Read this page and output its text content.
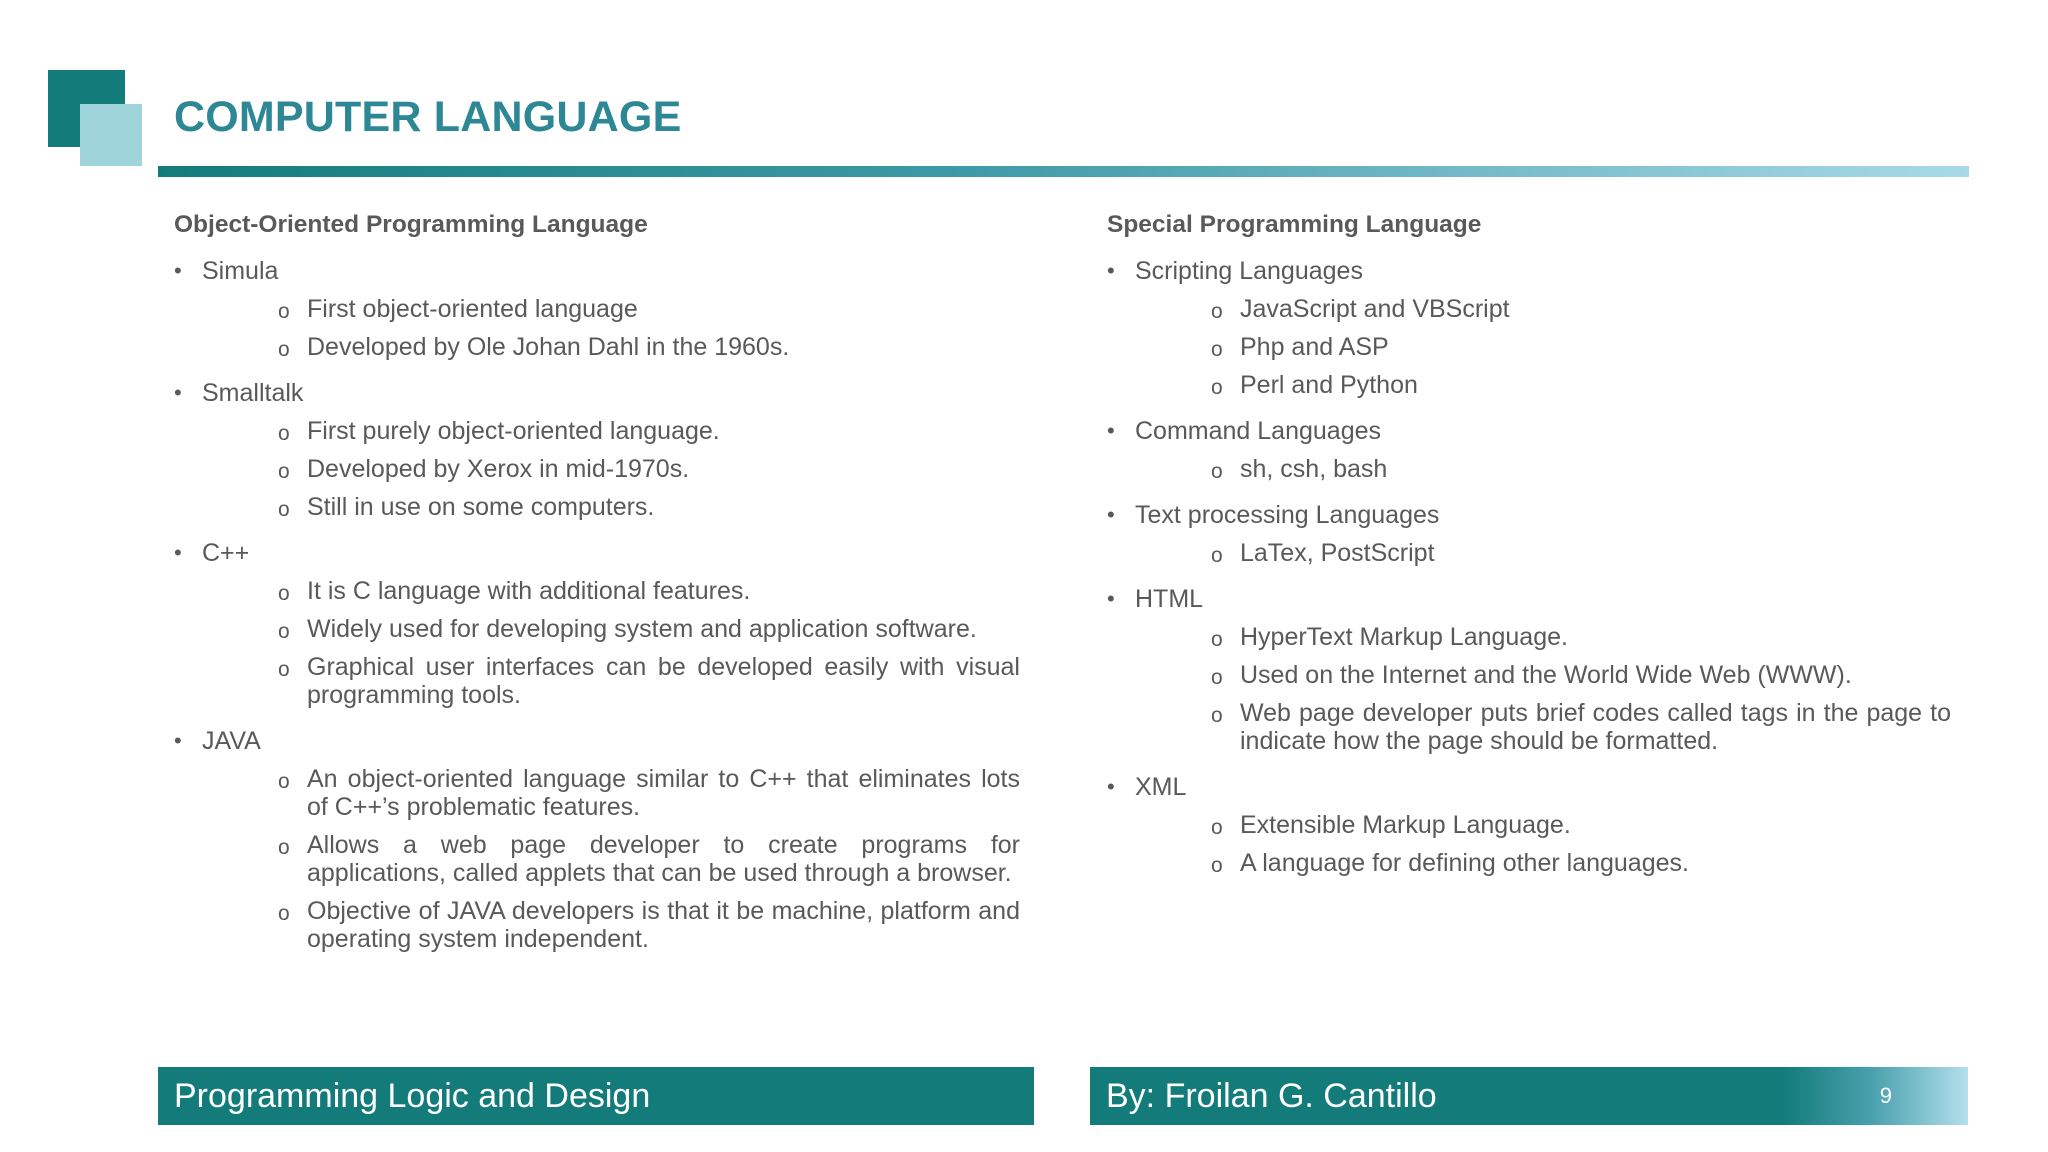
COMPUTER LANGUAGE
Object-Oriented Programming Language
• Simula
o First object-oriented language
o Developed by Ole Johan Dahl in the 1960s.
• Smalltalk
o First purely object-oriented language.
o Developed by Xerox in mid-1970s.
o Still in use on some computers.
• C++
o It is C language with additional features.
o Widely used for developing system and application software.
o Graphical user interfaces can be developed easily with visual programming tools.
• JAVA
o An object-oriented language similar to C++ that eliminates lots of C++’s problematic features.
o Allows a web page developer to create programs for applications, called applets that can be used through a browser.
o Objective of JAVA developers is that it be machine, platform and operating system independent.
Special Programming Language
• Scripting Languages
o JavaScript and VBScript
o Php and ASP
o Perl and Python
• Command Languages
o sh, csh, bash
• Text processing Languages
o LaTex, PostScript
• HTML
o HyperText Markup Language.
o Used on the Internet and the World Wide Web (WWW).
o Web page developer puts brief codes called tags in the page to indicate how the page should be formatted.
• XML
o Extensible Markup Language.
o A language for defining other languages.
Programming Logic and Design	By: Froilan G. Cantillo	9
